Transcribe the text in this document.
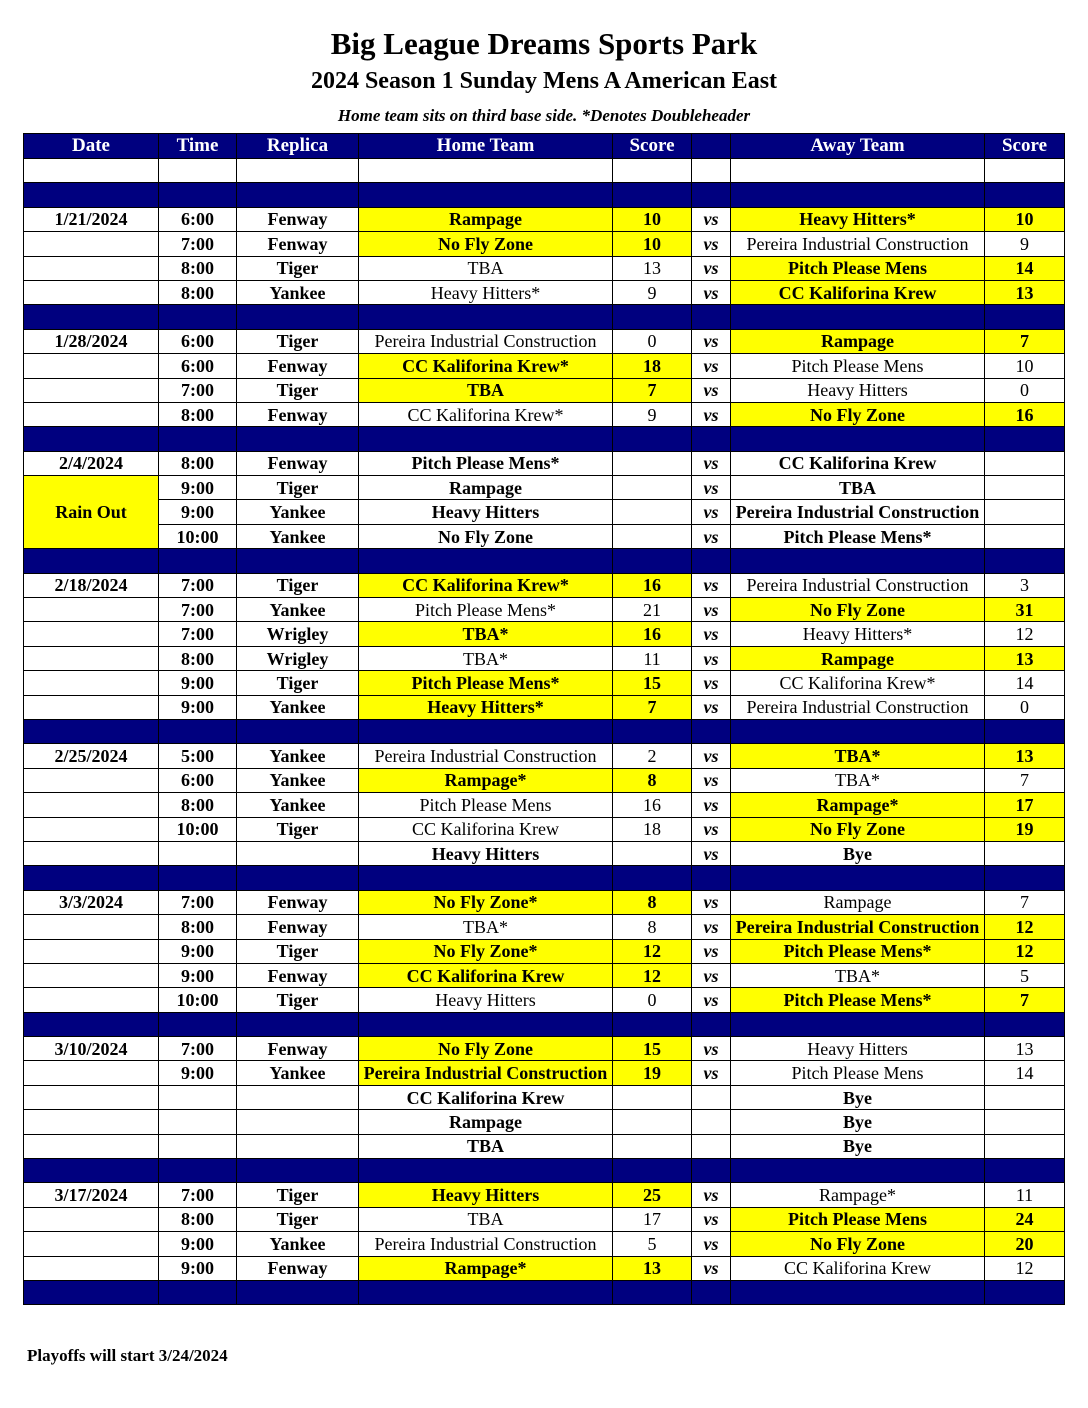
Big League Dreams Sports Park
2024 Season 1 Sunday Mens A American East
Home team sits on third base side. *Denotes Doubleheader
Date	Time	Replica	Home Team	Score		Away Team	Score

1/21/2024	6:00	Fenway	Rampage	10	vs	Heavy Hitters*	10
	7:00	Fenway	No Fly Zone	10	vs	Pereira Industrial Construction	9
	8:00	Tiger	TBA	13	vs	Pitch Please Mens	14
	8:00	Yankee	Heavy Hitters*	9	vs	CC Kaliforina Krew	13

1/28/2024	6:00	Tiger	Pereira Industrial Construction	0	vs	Rampage	7
	6:00	Fenway	CC Kaliforina Krew*	18	vs	Pitch Please Mens	10
	7:00	Tiger	TBA	7	vs	Heavy Hitters	0
	8:00	Fenway	CC Kaliforina Krew*	9	vs	No Fly Zone	16

2/4/2024	8:00	Fenway	Pitch Please Mens*		vs	CC Kaliforina Krew	
Rain Out	9:00	Tiger	Rampage		vs	TBA	
	9:00	Yankee	Heavy Hitters		vs	Pereira Industrial Construction	
	10:00	Yankee	No Fly Zone		vs	Pitch Please Mens*	

2/18/2024	7:00	Tiger	CC Kaliforina Krew*	16	vs	Pereira Industrial Construction	3
	7:00	Yankee	Pitch Please Mens*	21	vs	No Fly Zone	31
	7:00	Wrigley	TBA*	16	vs	Heavy Hitters*	12
	8:00	Wrigley	TBA*	11	vs	Rampage	13
	9:00	Tiger	Pitch Please Mens*	15	vs	CC Kaliforina Krew*	14
	9:00	Yankee	Heavy Hitters*	7	vs	Pereira Industrial Construction	0

2/25/2024	5:00	Yankee	Pereira Industrial Construction	2	vs	TBA*	13
	6:00	Yankee	Rampage*	8	vs	TBA*	7
	8:00	Yankee	Pitch Please Mens	16	vs	Rampage*	17
	10:00	Tiger	CC Kaliforina Krew	18	vs	No Fly Zone	19
			Heavy Hitters		vs	Bye	

3/3/2024	7:00	Fenway	No Fly Zone*	8	vs	Rampage	7
	8:00	Fenway	TBA*	8	vs	Pereira Industrial Construction	12
	9:00	Tiger	No Fly Zone*	12	vs	Pitch Please Mens*	12
	9:00	Fenway	CC Kaliforina Krew	12	vs	TBA*	5
	10:00	Tiger	Heavy Hitters	0	vs	Pitch Please Mens*	7

3/10/2024	7:00	Fenway	No Fly Zone	15	vs	Heavy Hitters	13
	9:00	Yankee	Pereira Industrial Construction	19	vs	Pitch Please Mens	14
			CC Kaliforina Krew			Bye	
			Rampage			Bye	
			TBA			Bye	

3/17/2024	7:00	Tiger	Heavy Hitters	25	vs	Rampage*	11
	8:00	Tiger	TBA	17	vs	Pitch Please Mens	24
	9:00	Yankee	Pereira Industrial Construction	5	vs	No Fly Zone	20
	9:00	Fenway	Rampage*	13	vs	CC Kaliforina Krew	12

Playoffs will start 3/24/2024
